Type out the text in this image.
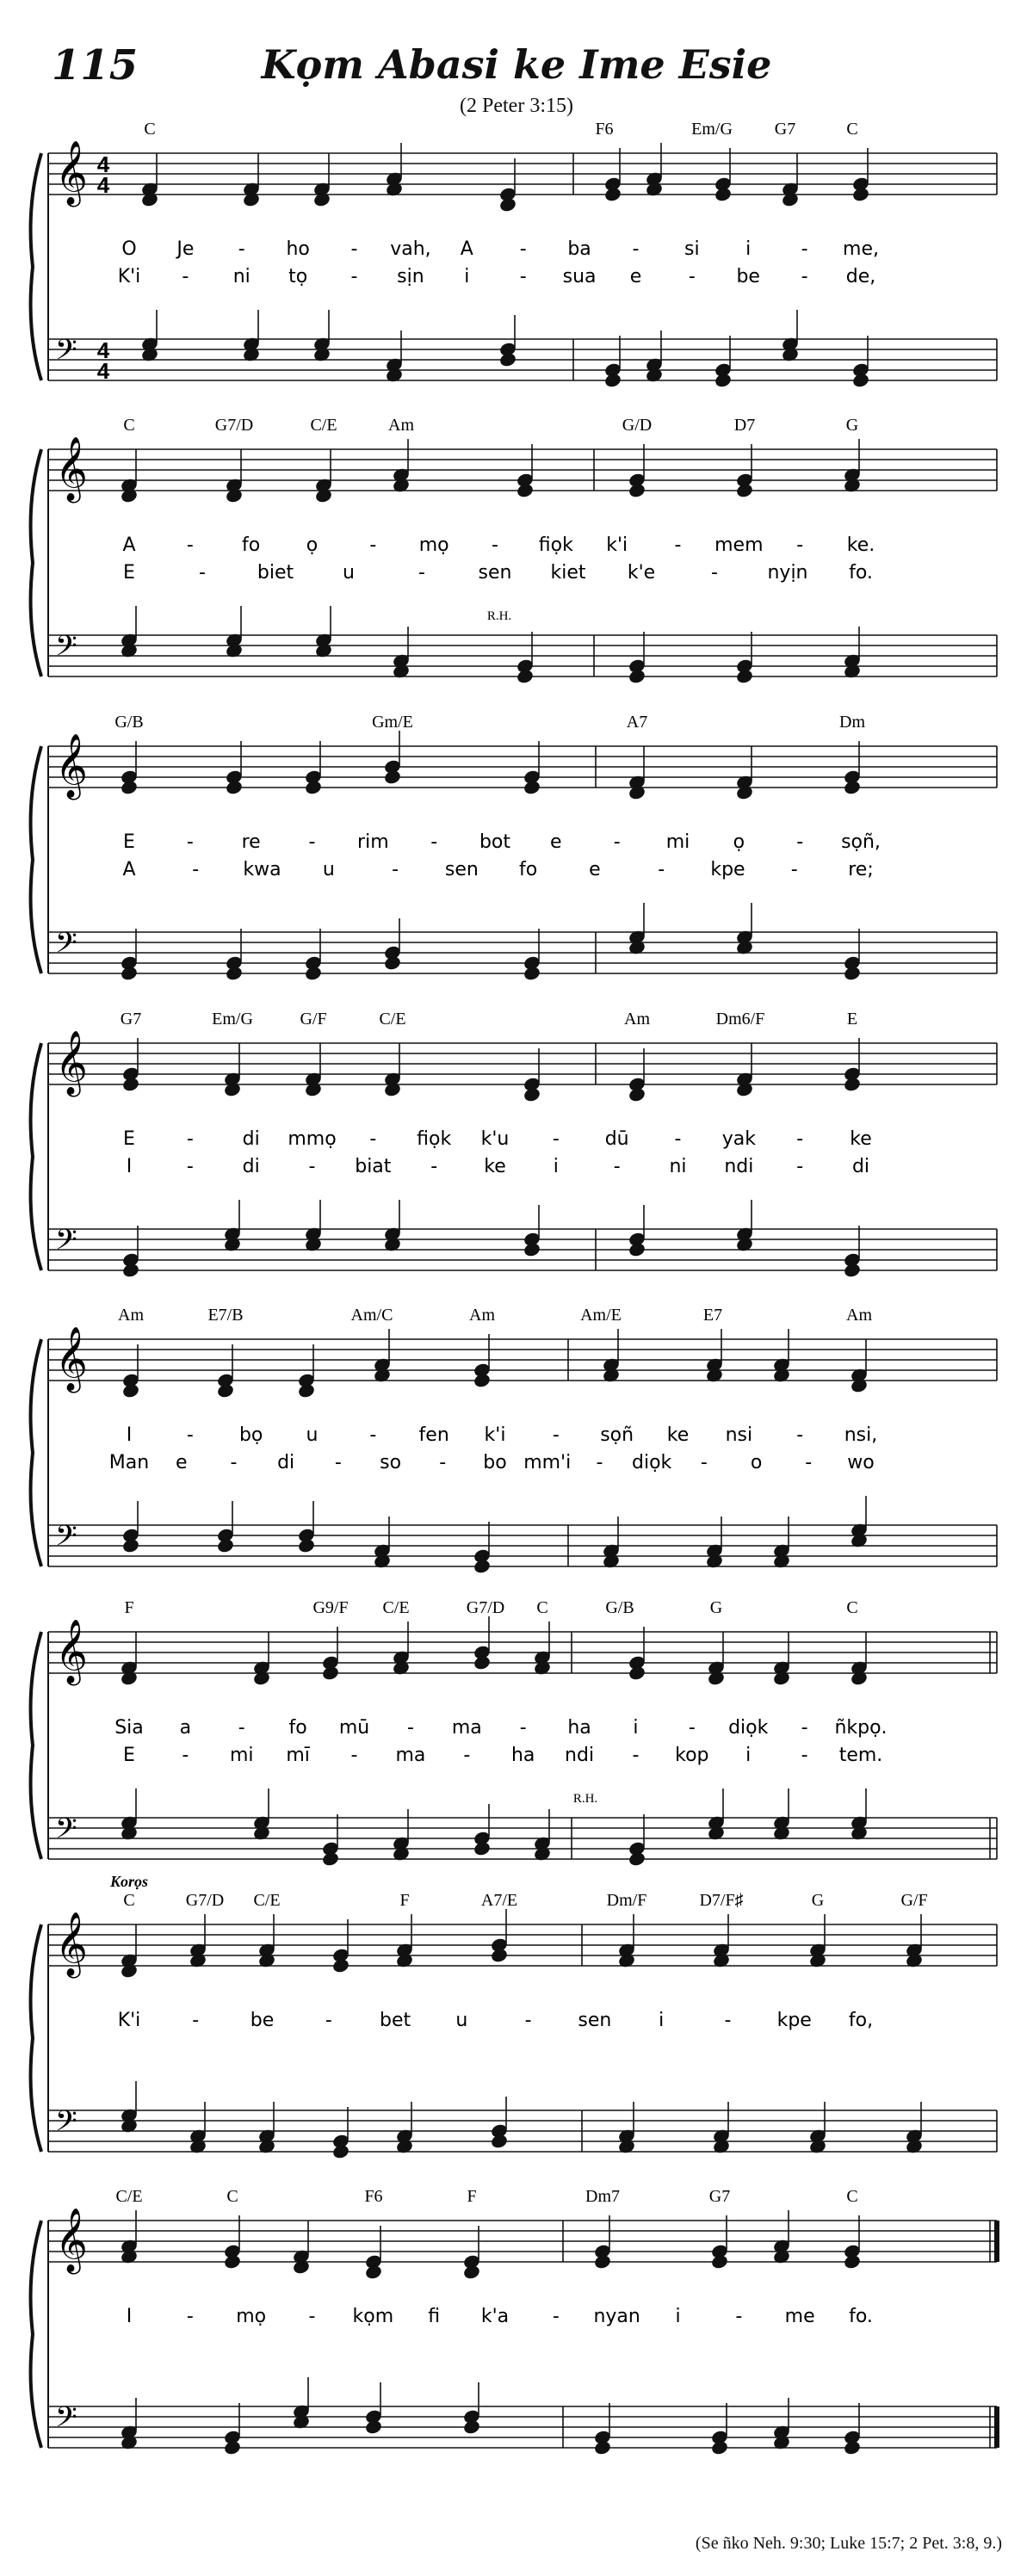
115	Kọm Abasi ke Ime Esie
(2 Peter 3:15)
𝄞
𝄢
4
4
4
4
C	F6	Em/G G7	C
O Je - ho - vah, A - ba - si i	- me,
K'i - ni tọ - sịn i	- sua e - be - de,
𝄞
𝄢
C	G7/D	C/E	Am	G/D	D7	G
A	-	fo ọ	- mọ - fiọk k'i - mem - ke.
E	-	biet	u	-	sen kiet k'e	-	nyịn fo.
R.H.
𝄞
𝄢
G/B	Gm/E	A7	Dm
E	-	re	- rim - bot e	- mi ọ	- sọñ,
A	- kwa u	- sen fo	e	- kpe -	re;
𝄞
𝄢
G7	Em/G	G/F	C/E	Am	Dm6/F	E
E	-	di mmọ - fiọk k'u - dū - yak - ke
I	-	di	- biat - ke	i	-	ni ndi -	di
𝄞
𝄢
Am	E7/B	Am/C	Am	Am/E	E7	Am
I	- bọ u	- fen k'i - sọñ ke nsi - nsi,
Man e - di - so - bo mm'i - diọk - o - wo
𝄞
𝄢
F	G9/F C/E	G7/D C	G/B	G	C
Sia a - fo mū - ma - ha i	- diọk - ñkpọ.
E - mi mī - ma - ha ndi - kop i	- tem.
R.H.
𝄞
𝄢
C	G7/D C/E	F	A7/E	Dm/F	D7/F♯	G	G/F
K'i	-	be	-	bet u	- sen i	- kpe fo,
Korọs
𝄞
𝄢
C/E	C	F6	F	Dm7	G7	C
I	- mọ - kọm fi k'a - nyan i	- me fo.
(Se ñko Neh. 9:30; Luke 15:7; 2 Pet. 3:8, 9.)
